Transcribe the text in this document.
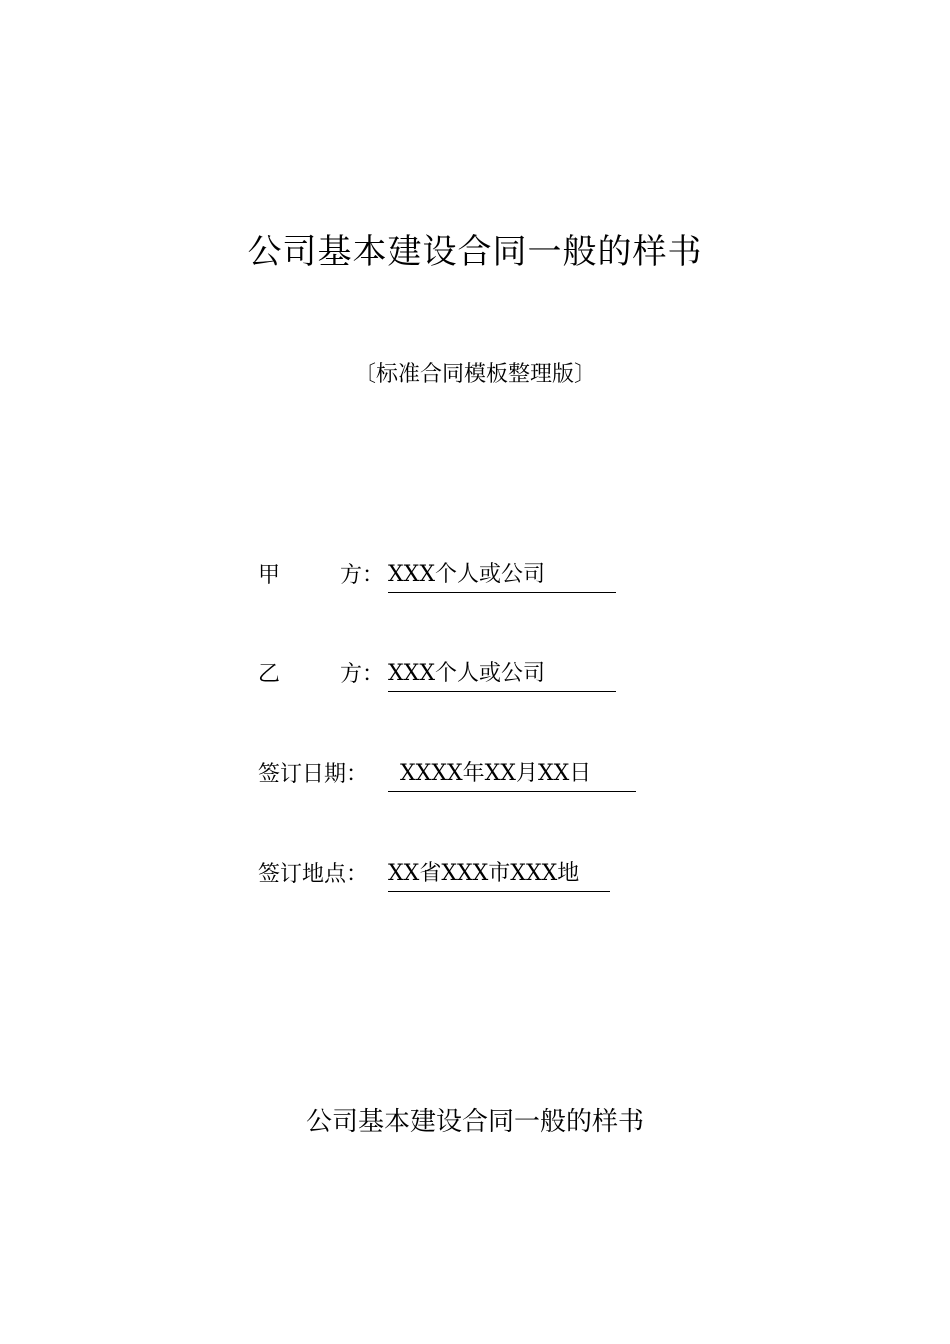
公司基本建设合同一般的样书
〔标准合同模板整理版〕
甲	方： XXX个人或公司
乙	方： XXX个人或公司
签订日期： XXXX年XX月XX日
签订地点： XX省XXX市XXX地
公司基本建设合同一般的样书
